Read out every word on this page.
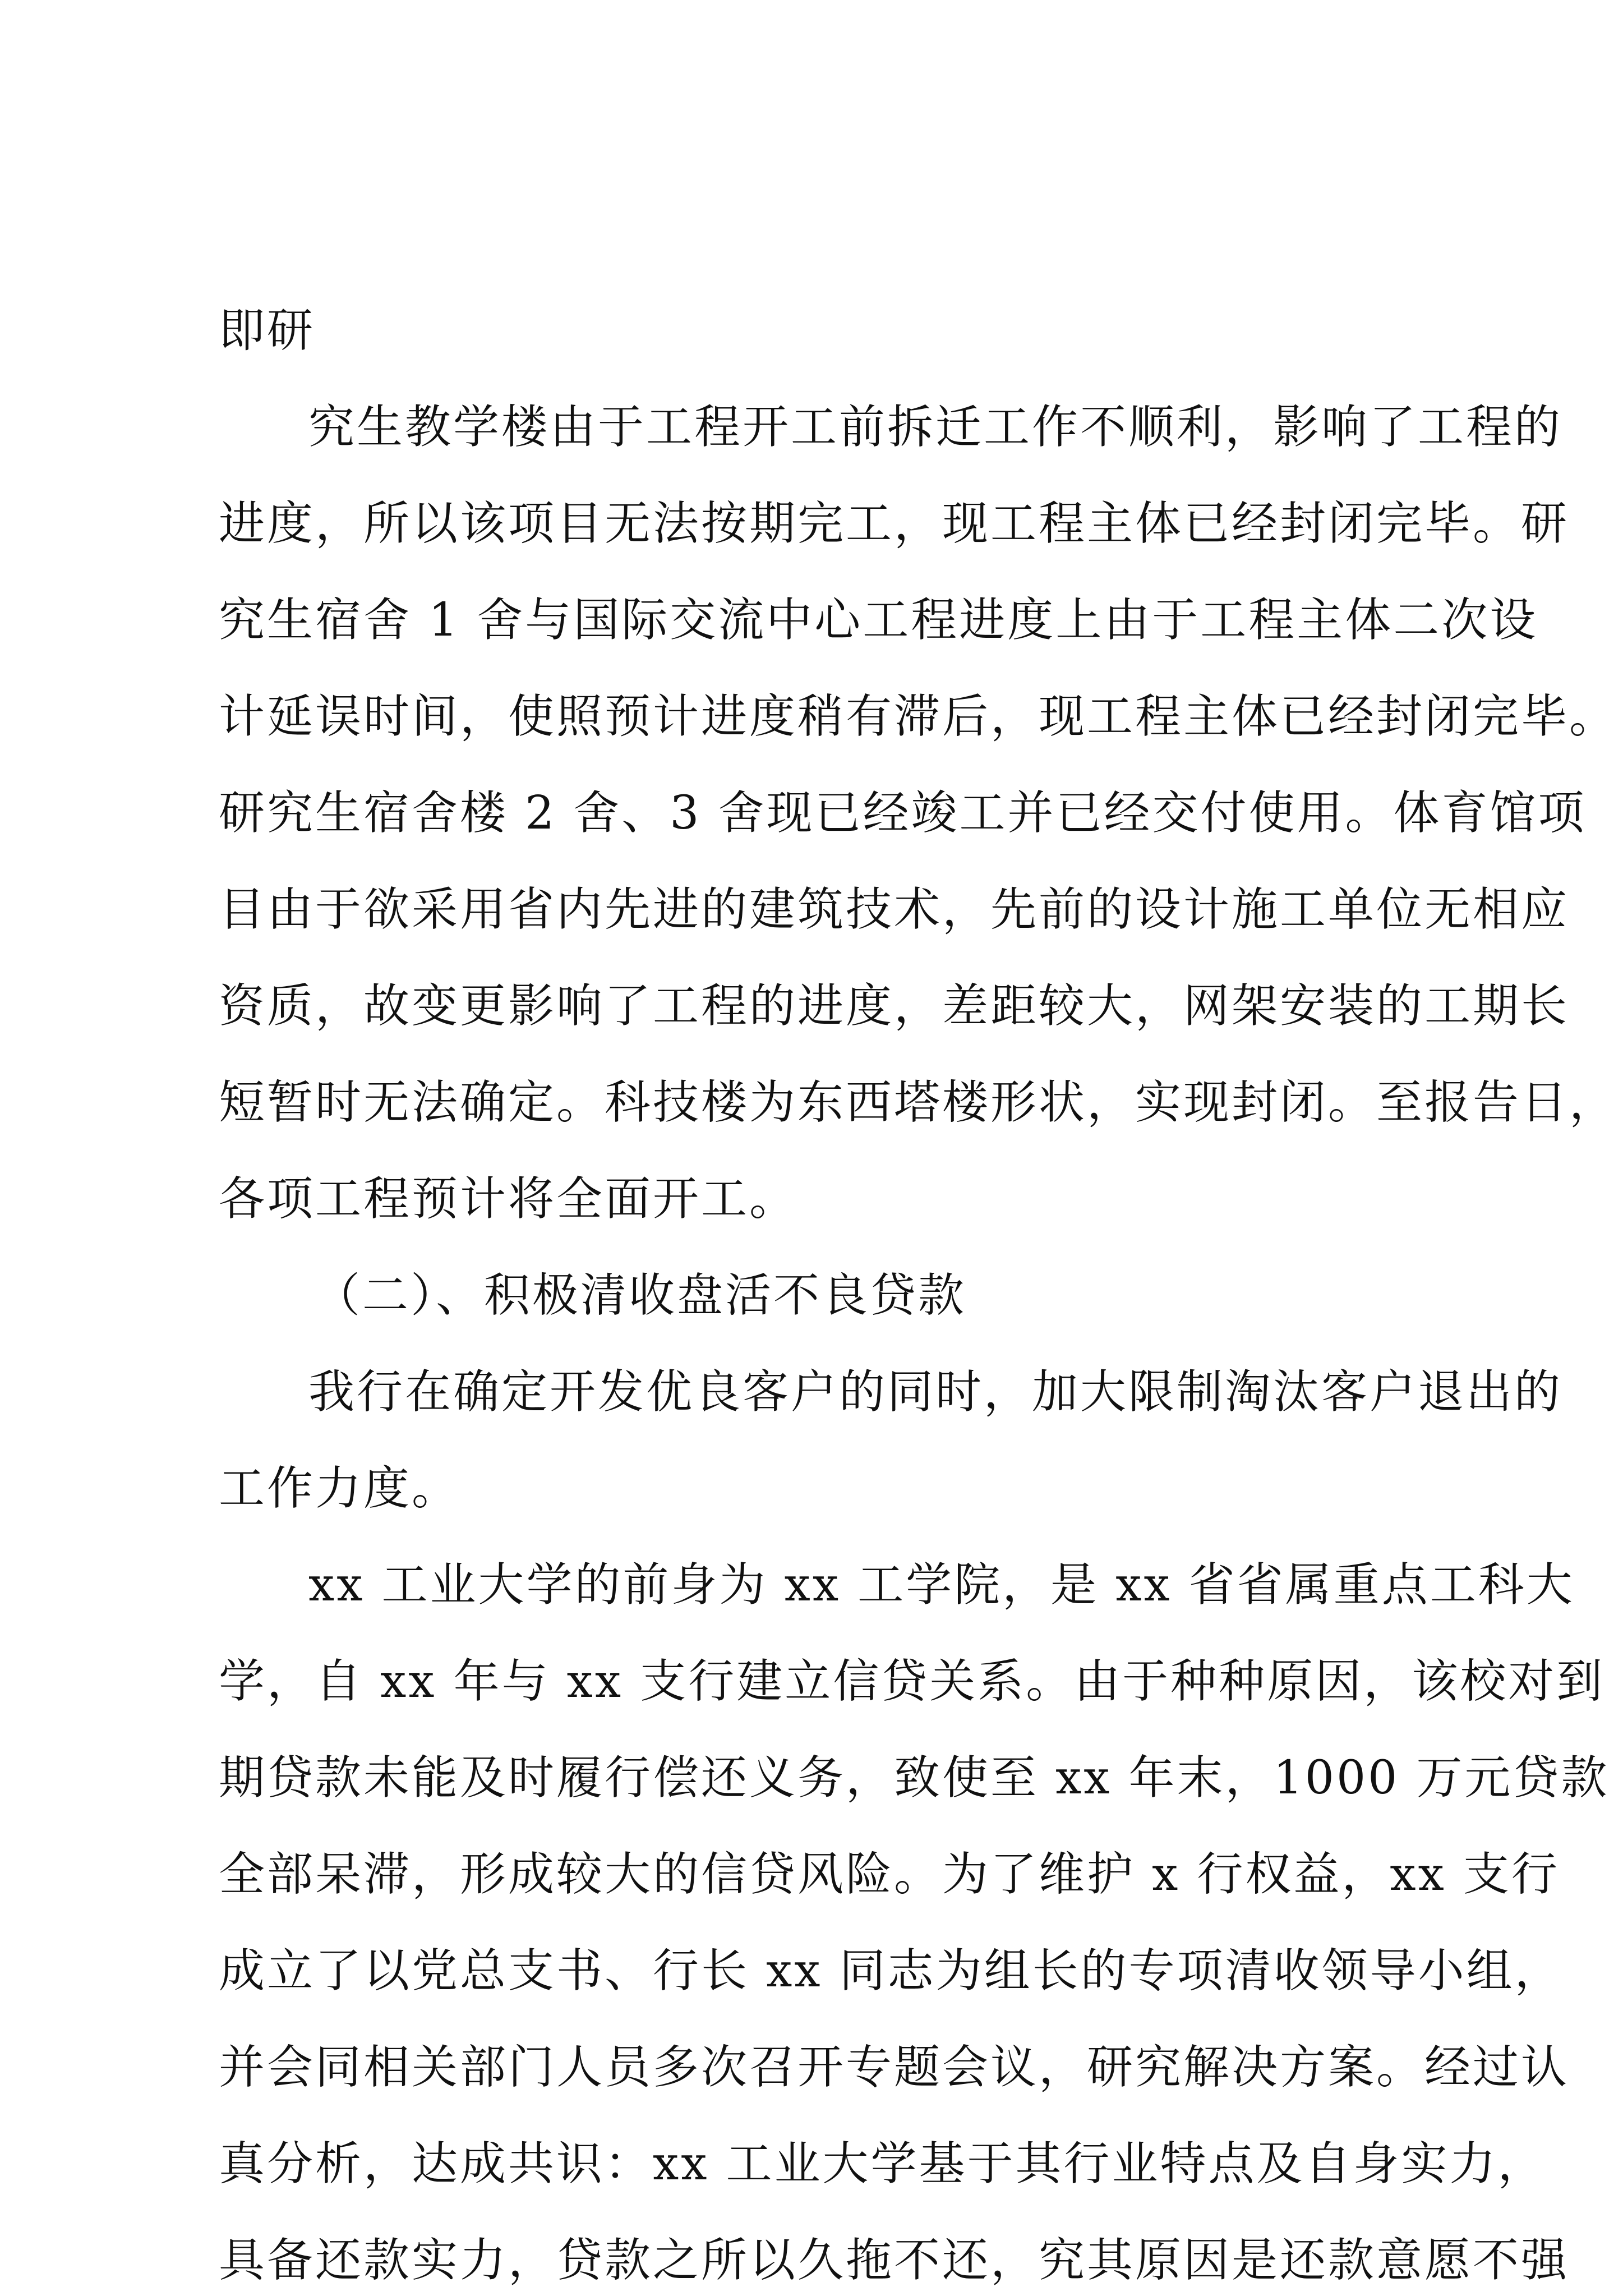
即研
究生教学楼由于工程开工前拆迁工作不顺利，影响了工程的
进度，所以该项目无法按期完工，现工程主体已经封闭完毕。研
究生宿舍 1 舍与国际交流中心工程进度上由于工程主体二次设
计延误时间，使照预计进度稍有滞后，现工程主体已经封闭完毕。
研究生宿舍楼 2 舍、3 舍现已经竣工并已经交付使用。体育馆项
目由于欲采用省内先进的建筑技术，先前的设计施工单位无相应
资质，故变更影响了工程的进度，差距较大，网架安装的工期长
短暂时无法确定。科技楼为东西塔楼形状，实现封闭。至报告日，
各项工程预计将全面开工。
（二）、积极清收盘活不良贷款
我行在确定开发优良客户的同时，加大限制淘汰客户退出的
工作力度。
xx 工业大学的前身为 xx 工学院，是 xx 省省属重点工科大
学，自 xx 年与 xx 支行建立信贷关系。由于种种原因，该校对到
期贷款未能及时履行偿还义务，致使至 xx 年末，1000 万元贷款
全部呆滞，形成较大的信贷风险。为了维护 x 行权益，xx 支行
成立了以党总支书、行长 xx 同志为组长的专项清收领导小组，
并会同相关部门人员多次召开专题会议，研究解决方案。经过认
真分析，达成共识：xx 工业大学基于其行业特点及自身实力，
具备还款实力，贷款之所以久拖不还，究其原因是还款意愿不强
